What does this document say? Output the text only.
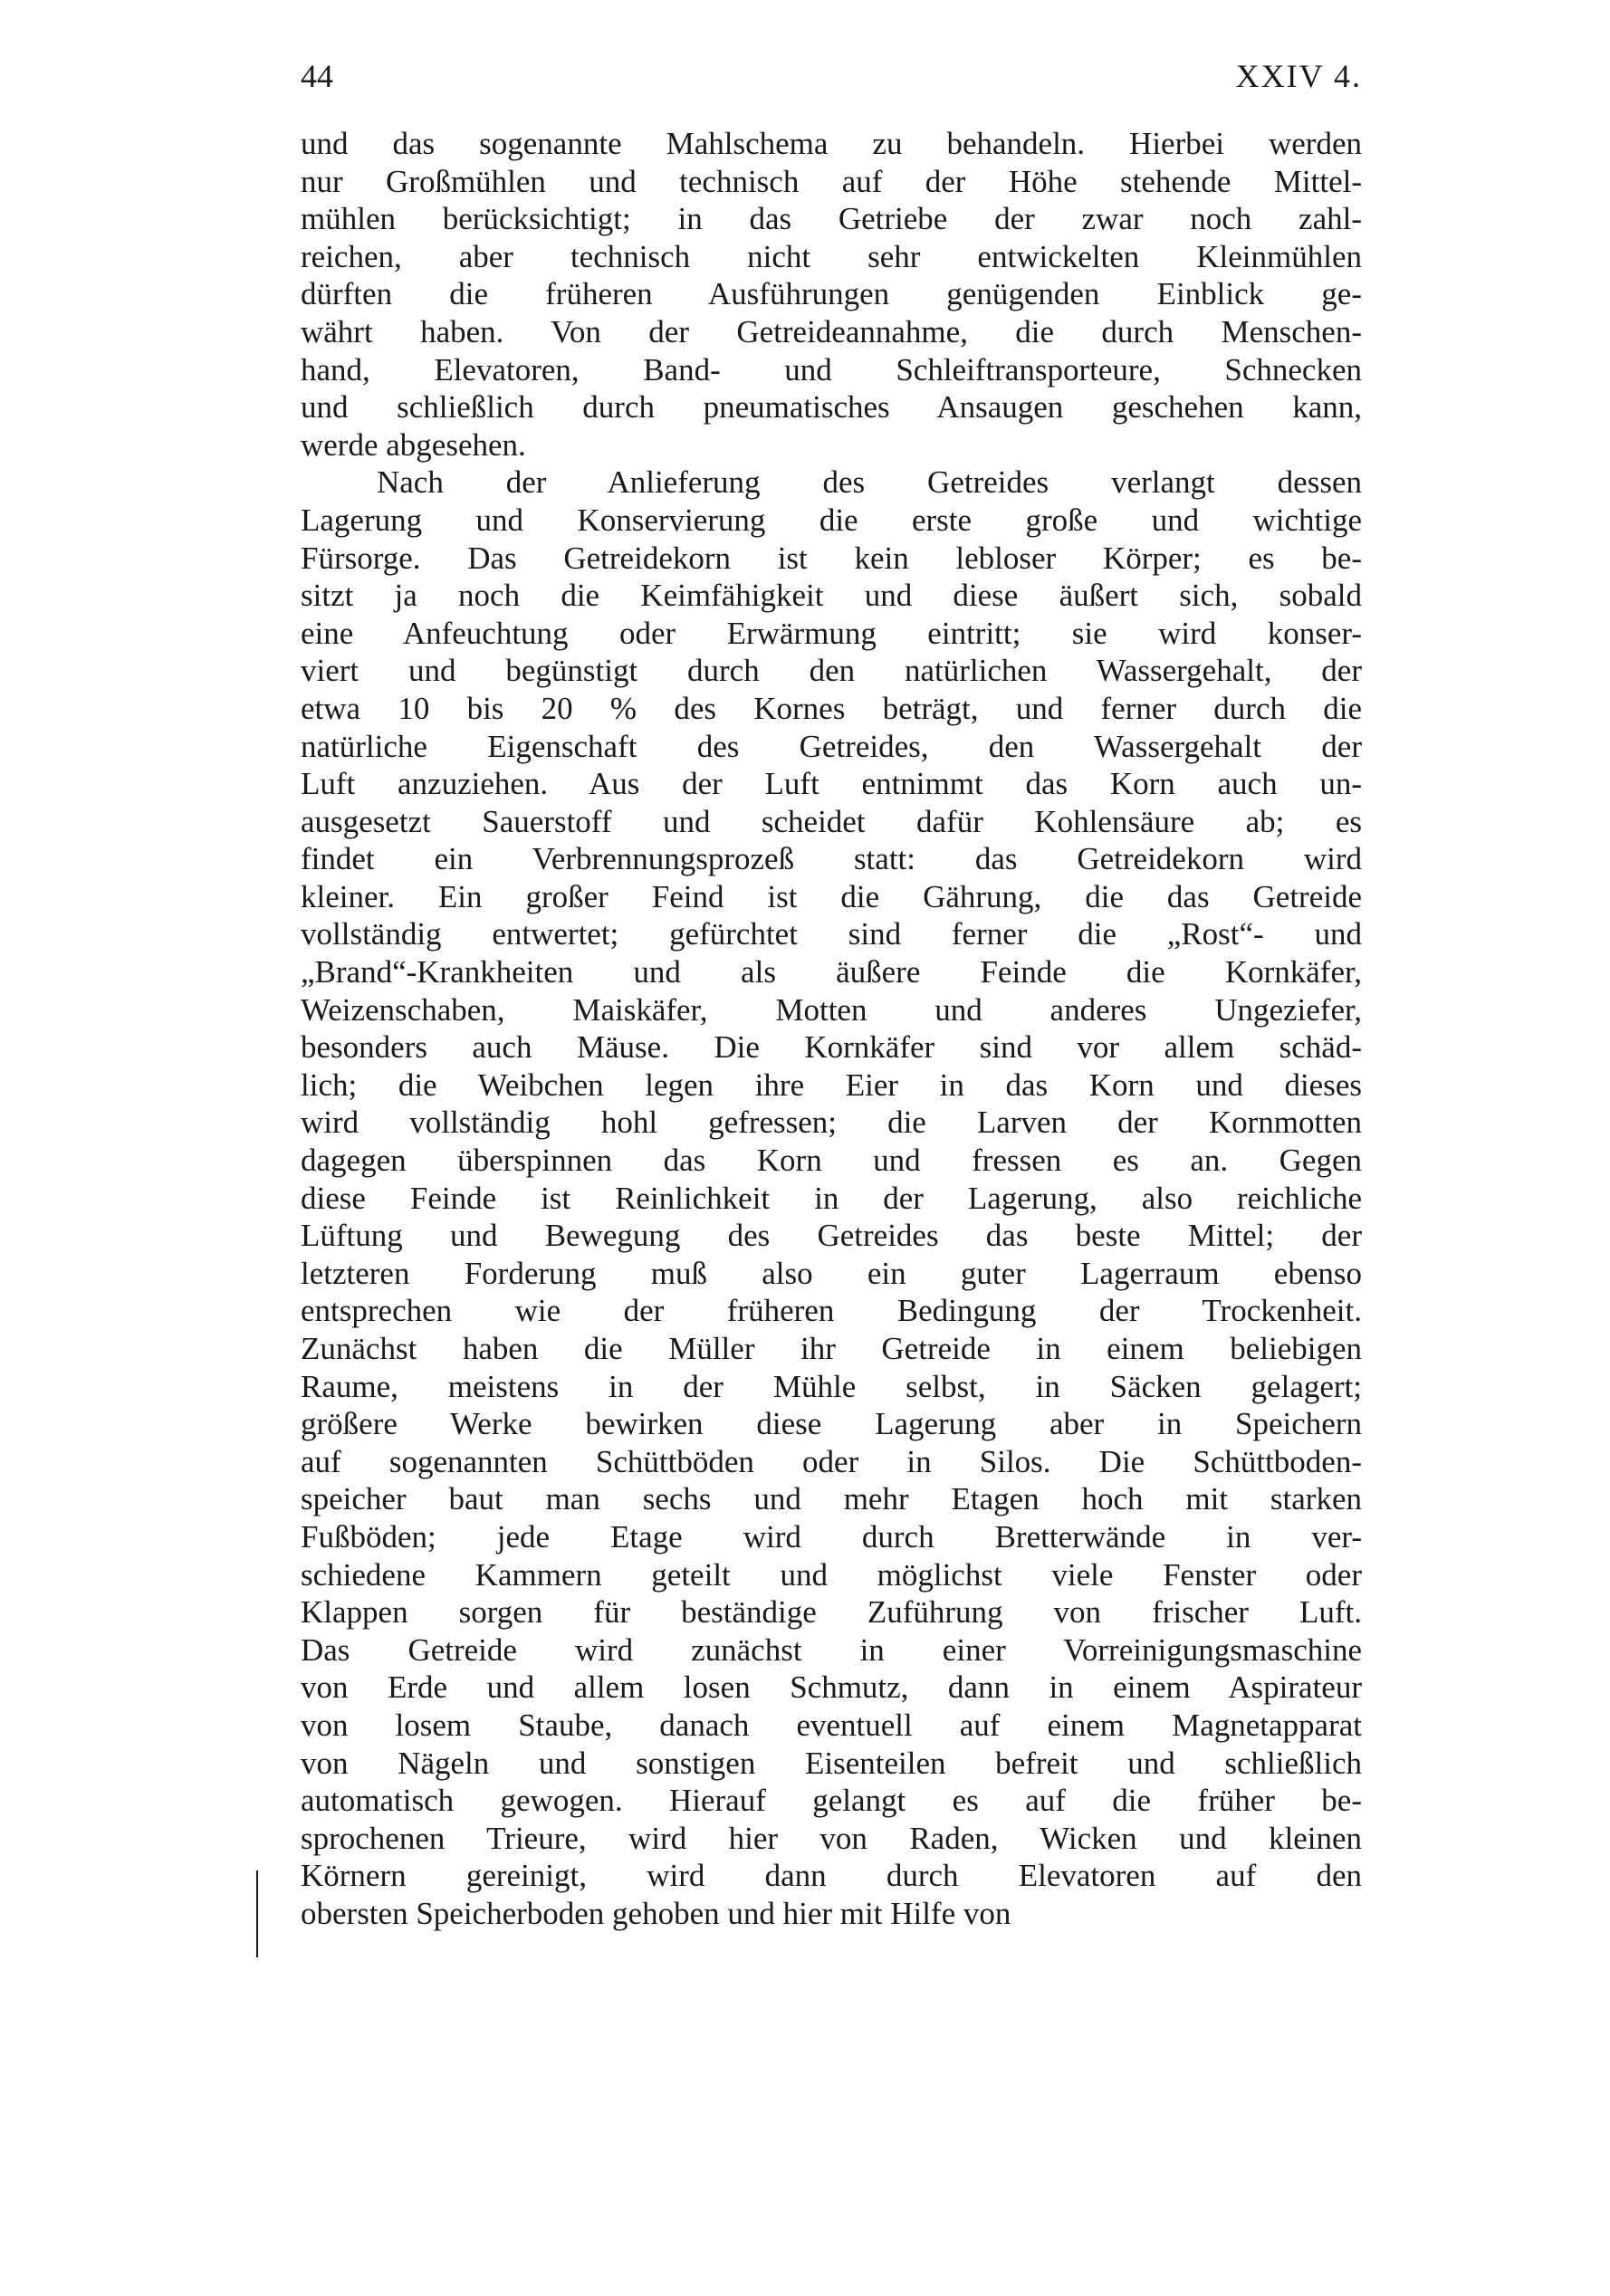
44	XXIV 4.
und das sogenannte Mahlschema zu behandeln. Hierbei werden
nur Großmühlen und technisch auf der Höhe stehende Mittel-
mühlen berücksichtigt; in das Getriebe der zwar noch zahl-
reichen, aber technisch nicht sehr entwickelten Kleinmühlen
dürften die früheren Ausführungen genügenden Einblick ge-
währt haben. Von der Getreideannahme, die durch Menschen-
hand, Elevatoren, Band- und Schleiftransporteure, Schnecken
und schließlich durch pneumatisches Ansaugen geschehen kann,
werde abgesehen.
Nach der Anlieferung des Getreides verlangt dessen
Lagerung und Konservierung die erste große und wichtige
Fürsorge. Das Getreidekorn ist kein lebloser Körper; es be-
sitzt ja noch die Keimfähigkeit und diese äußert sich, sobald
eine Anfeuchtung oder Erwärmung eintritt; sie wird konser-
viert und begünstigt durch den natürlichen Wassergehalt, der
etwa 10 bis 20 % des Kornes beträgt, und ferner durch die
natürliche Eigenschaft des Getreides, den Wassergehalt der
Luft anzuziehen. Aus der Luft entnimmt das Korn auch un-
ausgesetzt Sauerstoff und scheidet dafür Kohlensäure ab; es
findet ein Verbrennungsprozeß statt: das Getreidekorn wird
kleiner. Ein großer Feind ist die Gährung, die das Getreide
vollständig entwertet; gefürchtet sind ferner die „Rost“- und
„Brand“-Krankheiten und als äußere Feinde die Kornkäfer,
Weizenschaben, Maiskäfer, Motten und anderes Ungeziefer,
besonders auch Mäuse. Die Kornkäfer sind vor allem schäd-
lich; die Weibchen legen ihre Eier in das Korn und dieses
wird vollständig hohl gefressen; die Larven der Kornmotten
dagegen überspinnen das Korn und fressen es an. Gegen
diese Feinde ist Reinlichkeit in der Lagerung, also reichliche
Lüftung und Bewegung des Getreides das beste Mittel; der
letzteren Forderung muß also ein guter Lagerraum ebenso
entsprechen wie der früheren Bedingung der Trockenheit.
Zunächst haben die Müller ihr Getreide in einem beliebigen
Raume, meistens in der Mühle selbst, in Säcken gelagert;
größere Werke bewirken diese Lagerung aber in Speichern
auf sogenannten Schüttböden oder in Silos. Die Schüttboden-
speicher baut man sechs und mehr Etagen hoch mit starken
Fußböden; jede Etage wird durch Bretterwände in ver-
schiedene Kammern geteilt und möglichst viele Fenster oder
Klappen sorgen für beständige Zuführung von frischer Luft.
Das Getreide wird zunächst in einer Vorreinigungsmaschine
von Erde und allem losen Schmutz, dann in einem Aspirateur
von losem Staube, danach eventuell auf einem Magnetapparat
von Nägeln und sonstigen Eisenteilen befreit und schließlich
automatisch gewogen. Hierauf gelangt es auf die früher be-
sprochenen Trieure, wird hier von Raden, Wicken und kleinen
Körnern gereinigt, wird dann durch Elevatoren auf den
obersten Speicherboden gehoben und hier mit Hilfe von
